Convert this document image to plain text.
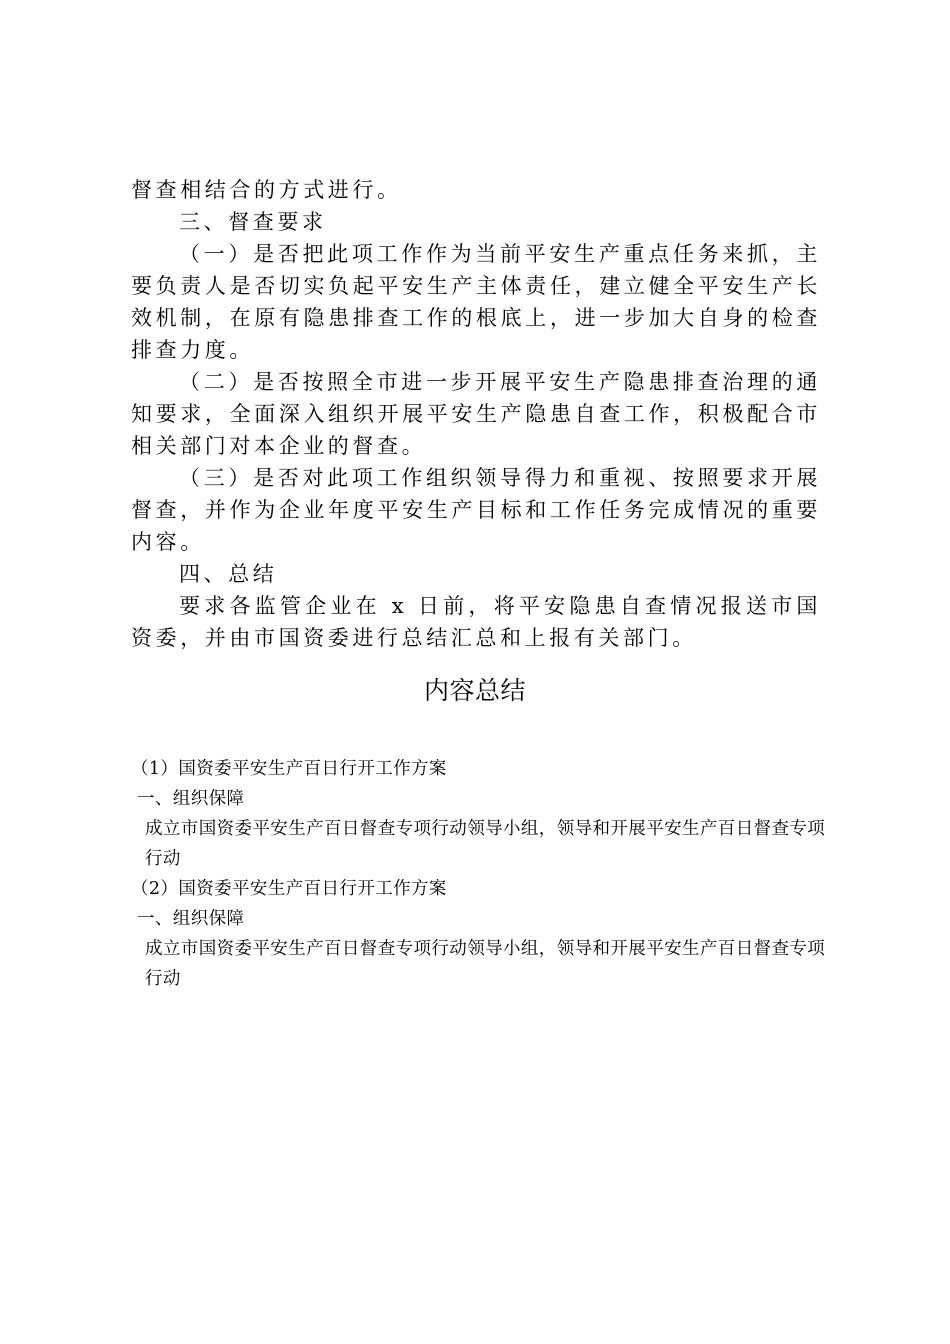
督查相结合的方式进行。

三、督查要求

（一）是否把此项工作作为当前平安生产重点任务来抓，主要负责人是否切实负起平安生产主体责任，建立健全平安生产长效机制，在原有隐患排查工作的根底上，进一步加大自身的检查排查力度。

（二）是否按照全市进一步开展平安生产隐患排查治理的通知要求，全面深入组织开展平安生产隐患自查工作，积极配合市相关部门对本企业的督查。

（三）是否对此项工作组织领导得力和重视、按照要求开展督查，并作为企业年度平安生产目标和工作任务完成情况的重要内容。

四、总结

要求各监管企业在 x 日前，将平安隐患自查情况报送市国资委，并由市国资委进行总结汇总和上报有关部门。

内容总结

（1）国资委平安生产百日行开工作方案

一、组织保障

成立市国资委平安生产百日督查专项行动领导小组，领导和开展平安生产百日督查专项行动

（2）国资委平安生产百日行开工作方案

一、组织保障

成立市国资委平安生产百日督查专项行动领导小组，领导和开展平安生产百日督查专项行动
